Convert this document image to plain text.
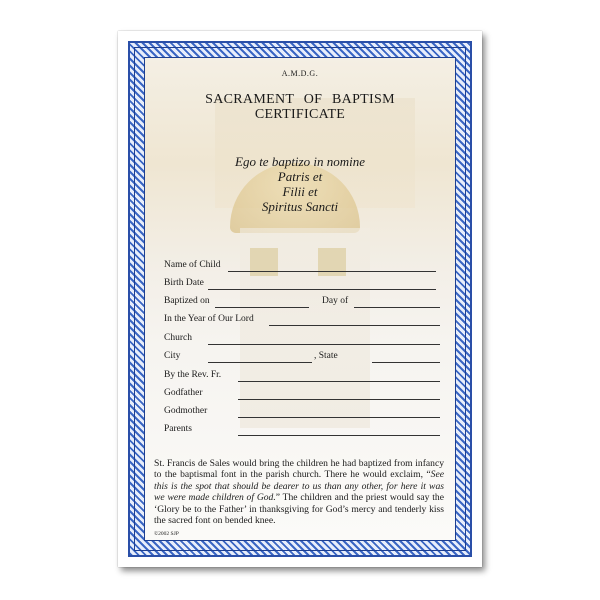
A.M.D.G.
SACRAMENT OF BAPTISM
CERTIFICATE
Ego te baptizo in nomine
Patris et
Filii et
Spiritus Sancti
Name of Child
Birth Date
Baptized on	Day of
In the Year of Our Lord
Church
City	, State
By the Rev. Fr.
Godfather
Godmother
Parents
St. Francis de Sales would bring the children he had baptized from infancy to the baptismal font in the parish church. There he would exclaim, “See this is the spot that should be dearer to us than any other, for here it was we were made children of God.” The children and the priest would say the ‘Glory be to the Father’ in thanksgiving for God’s mercy and tenderly kiss the sacred font on bended knee.
©2002 SJP
